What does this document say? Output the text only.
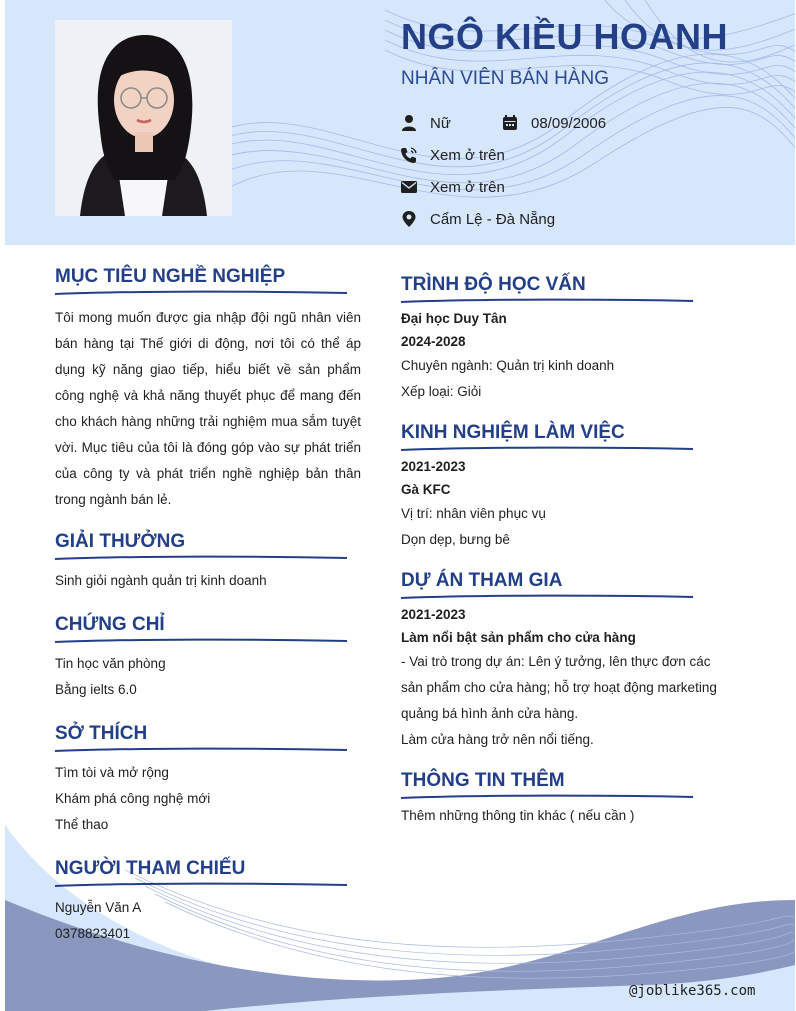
NGÔ KIỀU HOANH
NHÂN VIÊN BÁN HÀNG
Nữ	08/09/2006
Xem ở trên
Xem ở trên
Cẩm Lệ - Đà Nẵng
MỤC TIÊU NGHỀ NGHIỆP
Tôi mong muốn được gia nhập đội ngũ nhân viên bán hàng tại Thế giới di động, nơi tôi có thể áp dụng kỹ năng giao tiếp, hiểu biết về sản phẩm công nghệ và khả năng thuyết phục để mang đến cho khách hàng những trải nghiệm mua sắm tuyệt vời. Mục tiêu của tôi là đóng góp vào sự phát triển của công ty và phát triển nghề nghiệp bản thân trong ngành bán lẻ.
GIẢI THƯỞNG
Sinh giỏi ngành quản trị kinh doanh
CHỨNG CHỈ
Tin học văn phòng
Bằng ielts 6.0
SỞ THÍCH
Tìm tòi và mở rộng
Khám phá công nghệ mới
Thể thao
NGƯỜI THAM CHIẾU
Nguyễn Văn A
0378823401
TRÌNH ĐỘ HỌC VẤN
Đại học Duy Tân
2024-2028
Chuyên ngành: Quản trị kinh doanh
Xếp loại: Giỏi
KINH NGHIỆM LÀM VIỆC
2021-2023
Gà KFC
Vị trí: nhân viên phục vụ
Dọn dẹp, bưng bê
DỰ ÁN THAM GIA
2021-2023
Làm nổi bật sản phẩm cho cửa hàng
- Vai trò trong dự án: Lên ý tưởng, lên thực đơn các
sản phẩm cho cửa hàng; hỗ trợ hoạt động marketing
quảng bá hình ảnh cửa hàng.
Làm cửa hàng trở nên nổi tiếng.
THÔNG TIN THÊM
Thêm những thông tin khác ( nếu cần )
@joblike365.com
